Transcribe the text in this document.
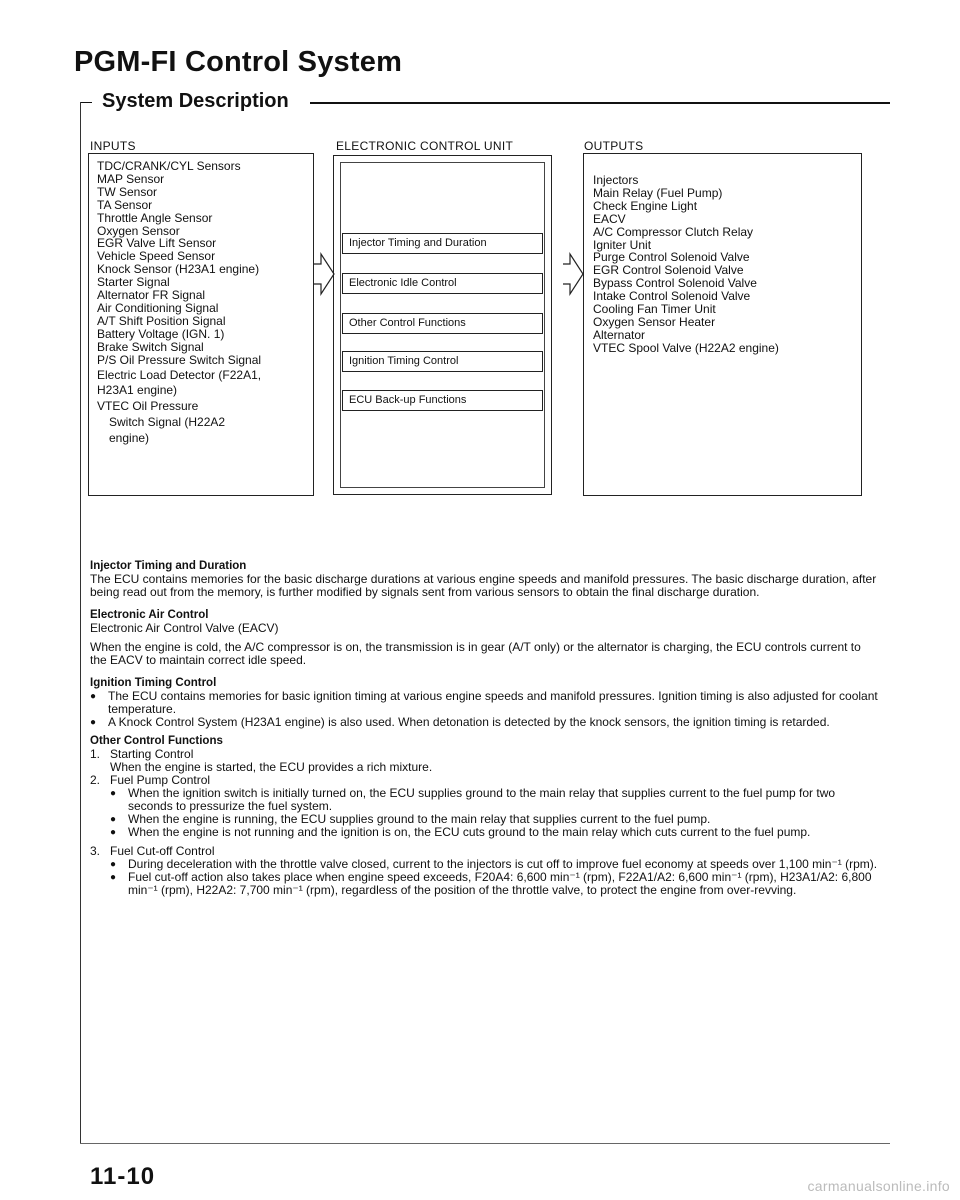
PGM-FI Control System
System Description
INPUTS	ELECTRONIC CONTROL UNIT	OUTPUTS
TDC/CRANK/CYL Sensors
MAP Sensor
TW Sensor
TA Sensor
Throttle Angle Sensor
Oxygen Sensor
EGR Valve Lift Sensor
Vehicle Speed Sensor
Knock Sensor (H23A1 engine)
Starter Signal
Alternator FR Signal
Air Conditioning Signal
A/T Shift Position Signal
Battery Voltage (IGN. 1)
Brake Switch Signal
P/S Oil Pressure Switch Signal
Electric Load Detector (F22A1,
H23A1 engine)
VTEC Oil Pressure
Switch Signal (H22A2
engine)
Injector Timing and Duration
Electronic Idle Control
Other Control Functions
Ignition Timing Control
ECU Back-up Functions
Injectors
Main Relay (Fuel Pump)
Check Engine Light
EACV
A/C Compressor Clutch Relay
Igniter Unit
Purge Control Solenoid Valve
EGR Control Solenoid Valve
Bypass Control Solenoid Valve
Intake Control Solenoid Valve
Cooling Fan Timer Unit
Oxygen Sensor Heater
Alternator
VTEC Spool Valve (H22A2 engine)
Injector Timing and Duration

The ECU contains memories for the basic discharge durations at various engine speeds and manifold pressures. The basic discharge duration, after being read out from the memory, is further modified by signals sent from various sensors to obtain the final discharge duration.

Electronic Air Control

Electronic Air Control Valve (EACV)

When the engine is cold, the A/C compressor is on, the transmission is in gear (A/T only) or the alternator is charging, the ECU controls current to the EACV to maintain correct idle speed.

Ignition Timing Control

● The ECU contains memories for basic ignition timing at various engine speeds and manifold pressures. Ignition timing is also adjusted for coolant temperature.

● A Knock Control System (H23A1 engine) is also used. When detonation is detected by the knock sensors, the ignition timing is retarded.

Other Control Functions
1. Starting Control

When the engine is started, the ECU provides a rich mixture.

2. Fuel Pump Control

● When the ignition switch is initially turned on, the ECU supplies ground to the main relay that supplies current to the fuel pump for two seconds to pressurize the fuel system.

● When the engine is running, the ECU supplies ground to the main relay that supplies current to the fuel pump.

● When the engine is not running and the ignition is on, the ECU cuts ground to the main relay which cuts current to the fuel pump.

3. Fuel Cut-off Control

● During deceleration with the throttle valve closed, current to the injectors is cut off to improve fuel economy at speeds over 1,100 min⁻¹ (rpm).

● Fuel cut-off action also takes place when engine speed exceeds, F20A4: 6,600 min⁻¹ (rpm), F22A1/A2: 6,600 min⁻¹ (rpm), H23A1/A2: 6,800 min⁻¹ (rpm), H22A2: 7,700 min⁻¹ (rpm), regardless of the position of the throttle valve, to protect the engine from over-revving.

11-10	carmanualsonline.info
